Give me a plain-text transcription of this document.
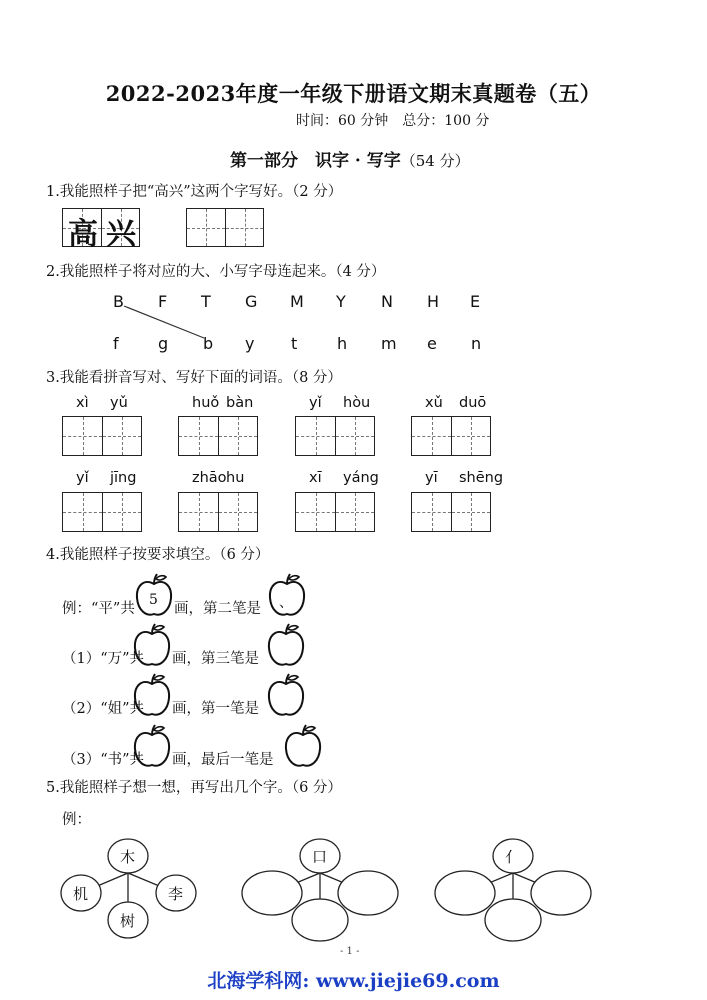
2022-2023年度一年级下册语文期末真题卷（五）
时间：60 分钟　总分：100 分
第一部分　识字 · 写字（54 分）
1.我能照样子把“高兴”这两个字写好。（2 分）
高 兴
2.我能照样子将对应的大、小写字母连起来。（4 分）
B F T G M Y N H E
f g b y t h m e n
3.我能看拼音写对、写好下面的词语。（8 分）
xì yǔ	huǒ bàn	yǐ hòu	xǔ duō
yǐ jīng	zhāo hu	xī yáng	yī shēng
4.我能照样子按要求填空。（6 分）
例：“平”共
5
画，第二笔是 、
（1）“万”共 画，第三笔是
（2）“姐”共 画，第一笔是
（3）“书”共 画，最后一笔是
5.我能照样子想一想，再写出几个字。（6 分）
例：
木
机
树
李
口	亻
- 1 -
北海学科网: www.jiejie69.com
